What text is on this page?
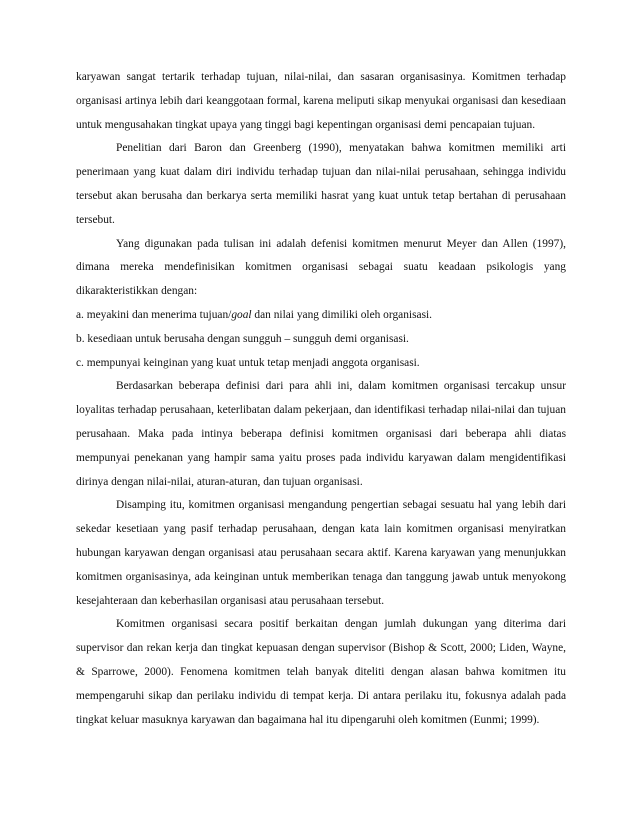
karyawan sangat tertarik terhadap tujuan, nilai-nilai, dan sasaran organisasinya. Komitmen terhadap organisasi artinya lebih dari keanggotaan formal, karena meliputi sikap menyukai organisasi dan kesediaan untuk mengusahakan tingkat upaya yang tinggi bagi kepentingan organisasi demi pencapaian tujuan.

Penelitian dari Baron dan Greenberg (1990), menyatakan bahwa komitmen memiliki arti penerimaan yang kuat dalam diri individu terhadap tujuan dan nilai-nilai perusahaan, sehingga individu tersebut akan berusaha dan berkarya serta memiliki hasrat yang kuat untuk tetap bertahan di perusahaan tersebut.

Yang digunakan pada tulisan ini adalah defenisi komitmen menurut Meyer dan Allen (1997), dimana mereka mendefinisikan komitmen organisasi sebagai suatu keadaan psikologis yang dikarakteristikkan dengan:

a. meyakini dan menerima tujuan/goal dan nilai yang dimiliki oleh organisasi.

b. kesediaan untuk berusaha dengan sungguh – sungguh demi organisasi.

c. mempunyai keinginan yang kuat untuk tetap menjadi anggota organisasi.

Berdasarkan beberapa definisi dari para ahli ini, dalam komitmen organisasi tercakup unsur loyalitas terhadap perusahaan, keterlibatan dalam pekerjaan, dan identifikasi terhadap nilai-nilai dan tujuan perusahaan. Maka pada intinya beberapa definisi komitmen organisasi dari beberapa ahli diatas mempunyai penekanan yang hampir sama yaitu proses pada individu karyawan dalam mengidentifikasi dirinya dengan nilai-nilai, aturan-aturan, dan tujuan organisasi.

Disamping itu, komitmen organisasi mengandung pengertian sebagai sesuatu hal yang lebih dari sekedar kesetiaan yang pasif terhadap perusahaan, dengan kata lain komitmen organisasi menyiratkan hubungan karyawan dengan organisasi atau perusahaan secara aktif. Karena karyawan yang menunjukkan komitmen organisasinya, ada keinginan untuk memberikan tenaga dan tanggung jawab untuk menyokong kesejahteraan dan keberhasilan organisasi atau perusahaan tersebut.

Komitmen organisasi secara positif berkaitan dengan jumlah dukungan yang diterima dari supervisor dan rekan kerja dan tingkat kepuasan dengan supervisor (Bishop & Scott, 2000; Liden, Wayne, & Sparrowe, 2000). Fenomena komitmen telah banyak diteliti dengan alasan bahwa komitmen itu mempengaruhi sikap dan perilaku individu di tempat kerja. Di antara perilaku itu, fokusnya adalah pada tingkat keluar masuknya karyawan dan bagaimana hal itu dipengaruhi oleh komitmen (Eunmi; 1999).
